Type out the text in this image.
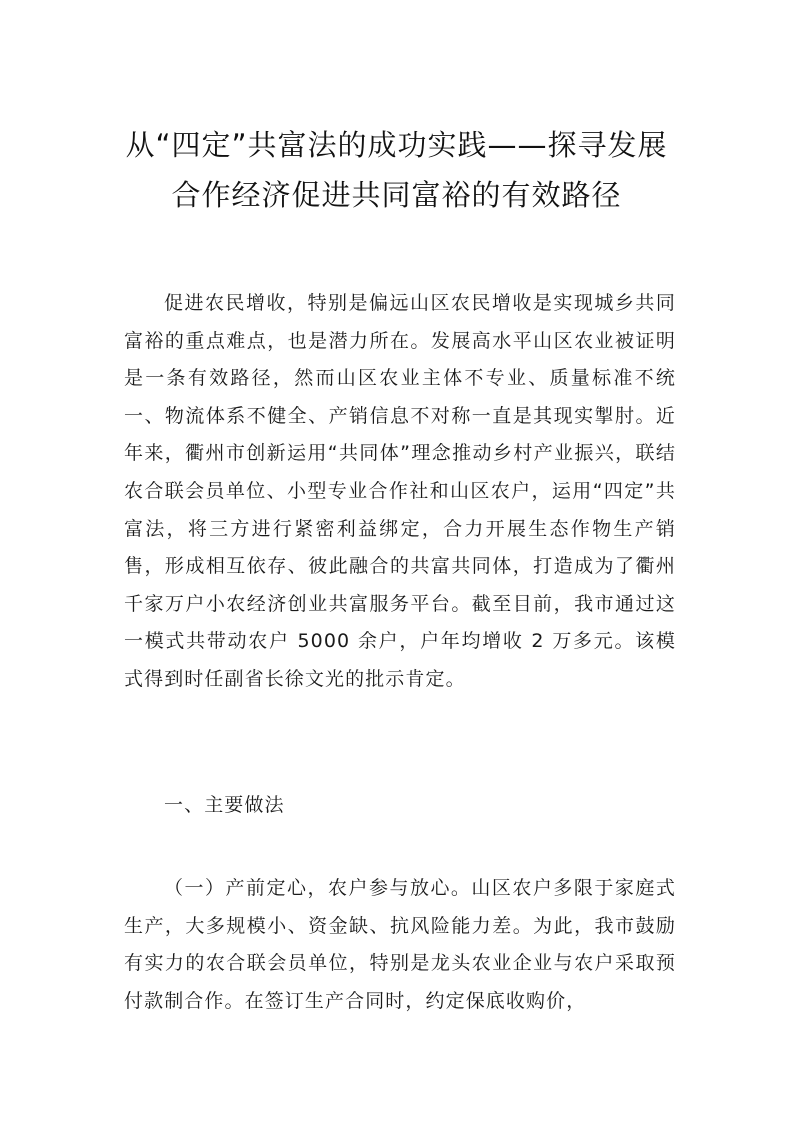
从“四定”共富法的成功实践——探寻发展
合作经济促进共同富裕的有效路径

促进农民增收，特别是偏远山区农民增收是实现城乡共同富裕的重点难点，也是潜力所在。发展高水平山区农业被证明是一条有效路径，然而山区农业主体不专业、质量标准不统一、物流体系不健全、产销信息不对称一直是其现实掣肘。近年来，衢州市创新运用“共同体”理念推动乡村产业振兴，联结农合联会员单位、小型专业合作社和山区农户，运用“四定”共富法，将三方进行紧密利益绑定，合力开展生态作物生产销售，形成相互依存、彼此融合的共富共同体，打造成为了衢州千家万户小农经济创业共富服务平台。截至目前，我市通过这一模式共带动农户 5000 余户，户年均增收 2 万多元。该模式得到时任副省长徐文光的批示肯定。

一、主要做法

（一）产前定心，农户参与放心。山区农户多限于家庭式生产，大多规模小、资金缺、抗风险能力差。为此，我市鼓励有实力的农合联会员单位，特别是龙头农业企业与农户采取预付款制合作。在签订生产合同时，约定保底收购价，
